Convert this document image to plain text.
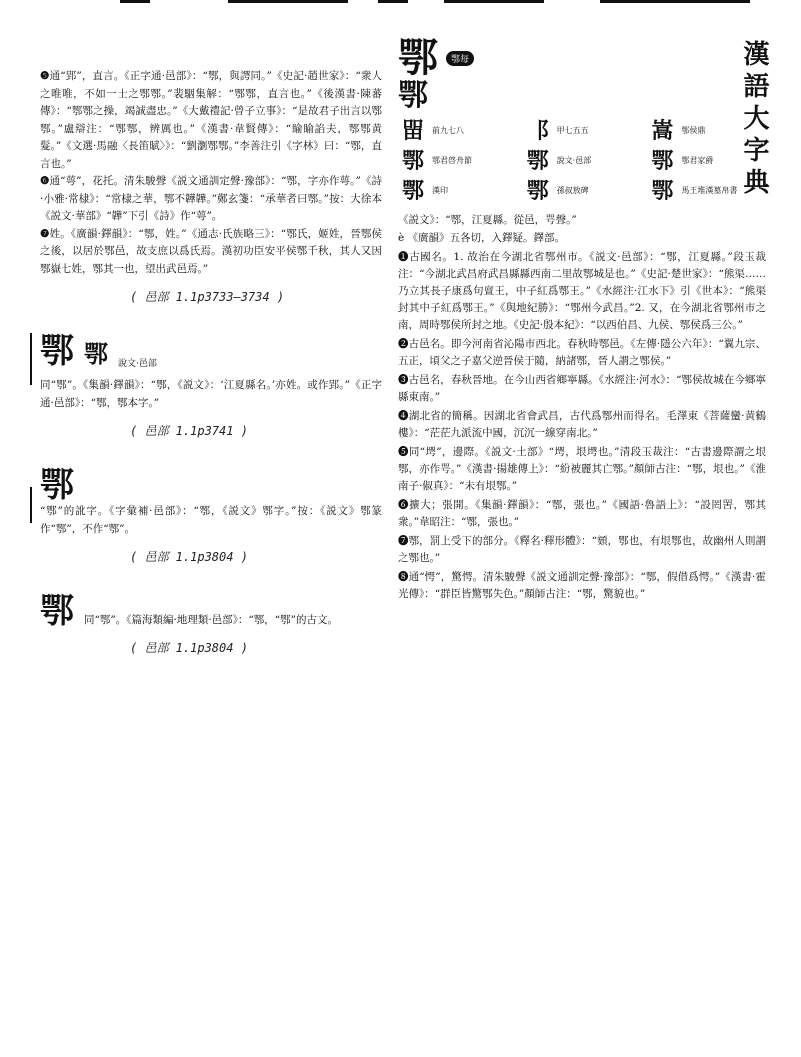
漢語大字典

❺通“郢”，直言。《正字通·邑部》：“鄂，與諤同。”《史記·趙世家》：“衆人之唯唯，不如一士之鄂鄂。”裴駰集解：“鄂鄂，直言也。”《後漢書·陳蕃傳》：“鄂鄂之操，竭誠盡忠。”《大戴禮記·曾子立事》：“是故君子出言以鄂鄂。”盧辯注：“鄂鄂，辨厲也。”《漢書·韋賢傳》：“睮睮諂夫，鄂鄂黄髮。”《文選·馬融〈長笛賦〉》：“劉瀏鄂鄂。”李善注引《字林》曰：“鄂，直言也。”

❻通“萼”，花托。清朱駿聲《説文通訓定聲·豫部》：“鄂，字亦作萼。”《詩·小雅·常棣》：“常棣之華，鄂不韡韡。”鄭玄箋：“承華者曰鄂。”按：大徐本《説文·華部》“韡”下引《詩》作“萼”。

❼姓。《廣韻·鐸韻》：“鄂，姓。”《通志·氏族略三》：“鄂氏，姬姓，晉鄂侯之後，以居於鄂邑，故支庶以爲氏焉。漢初功臣安平侯鄂千秋，其人又因鄂嶽七姓，鄂其一也，望出武邑焉。”

( 邑部 1.1p3733—3734 )
鄂 鄂 說文·邑部

同“鄂”。《集韻·鐸韻》：“鄂，《説文》：‘江夏縣名。’亦姓。或作郢。”《正字通·邑部》：“鄂，鄂本字。”

( 邑部 1.1p3741 )
鄂

“鄂”的訛字。《字彙補·邑部》：“鄂，《説文》鄂字。”按：《説文》鄂篆作“鄂”，不作“鄂”。

( 邑部 1.1p3804 )
鄂 同“鄂”。《篇海類編·地理類·邑部》：“鄂，“鄂”的古文。
( 邑部 1.1p3804 )
鄂	鄂每
鄂
㽞	前九七八	⻏	甲七五五	嵩	鄂侯鼎
鄂	鄂君啓舟節 鄂	說文·邑部	鄂	鄂君家爵
鄂	漢印	鄂	孫叔敖碑	鄂	馬王堆漢墓帛書

《説文》：“鄂，江夏縣。從邑，咢聲。”

è 《廣韻》五各切，入鐸疑。鐸部。

❶古國名。1. 故治在今湖北省鄂州市。《説文·邑部》：“鄂，江夏縣。”段玉裁注：“今湖北武昌府武昌縣縣西南二里故鄂城是也。”《史記·楚世家》：“熊渠……乃立其長子康爲句亶王，中子紅爲鄂王。”《水經注·江水下》引《世本》：“熊渠封其中子紅爲鄂王。”《與地紀勝》：“鄂州今武昌。”2. 又，在今湖北省鄂州市之南，周時鄂侯所封之地。《史記·殷本紀》：“以西伯昌、九侯、鄂侯爲三公。”

❷古邑名。即今河南省沁陽市西北。春秋時鄂邑。《左傳·隱公六年》：“翼九宗、五正，頃父之子嘉父逆晉侯于隨，納諸鄂，晉人謂之鄂侯。”

❸古邑名，春秋晉地。在今山西省鄉寧縣。《水經注·河水》：“鄂侯故城在今鄉寧縣東南。”

❹湖北省的簡稱。因湖北省會武昌，古代爲鄂州而得名。毛澤東《菩薩蠻·黄鶴樓》：“茫茫九派流中國，沉沉一線穿南北。”

❺同“堮”，邊際。《説文·土部》“堮，垠堮也。”清段玉裁注：“古書邊際謂之垠鄂，亦作咢。”《漢書·揚雄傳上》：“紛被麗其亡鄂。”顏師古注：“鄂，垠也。”《淮南子·俶真》：“未有垠鄂。”

❻擴大；張開。《集韻·鐸韻》：“鄂，張也。”《國語·魯語上》：“設罔罟，鄂其衆。”韋昭注：“鄂，張也。”

❼鄂，罰上受下的部分。《釋名·釋形體》：“頞，鄂也，有垠鄂也，故幽州人則謂之鄂也。”

❽通“愕”，驚愕。清朱駿聲《説文通訓定聲·豫部》：“鄂，假借爲愕。”《漢書·霍光傳》：“群臣皆驚鄂失色。”顏師古注：“鄂，驚貌也。”
